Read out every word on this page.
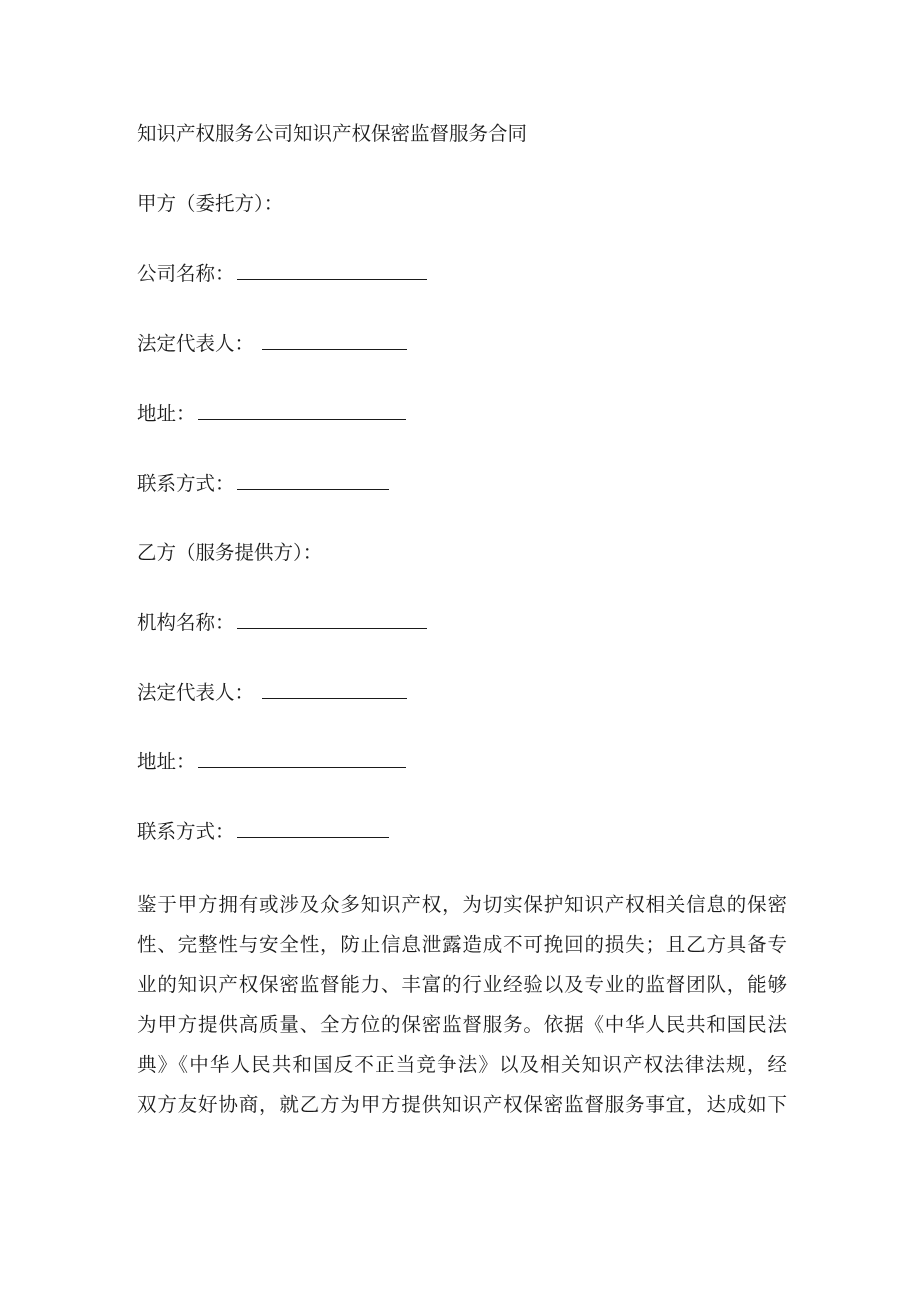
知识产权服务公司知识产权保密监督服务合同
甲方（委托方）：
公司名称：
法定代表人：
地址：
联系方式：
乙方（服务提供方）：
机构名称：
法定代表人：
地址：
联系方式：
鉴于甲方拥有或涉及众多知识产权，为切实保护知识产权相关信息的保密
性、完整性与安全性，防止信息泄露造成不可挽回的损失；且乙方具备专
业的知识产权保密监督能力、丰富的行业经验以及专业的监督团队，能够
为甲方提供高质量、全方位的保密监督服务。依据《中华人民共和国民法
典》《中华人民共和国反不正当竞争法》以及相关知识产权法律法规，经
双方友好协商，就乙方为甲方提供知识产权保密监督服务事宜，达成如下
